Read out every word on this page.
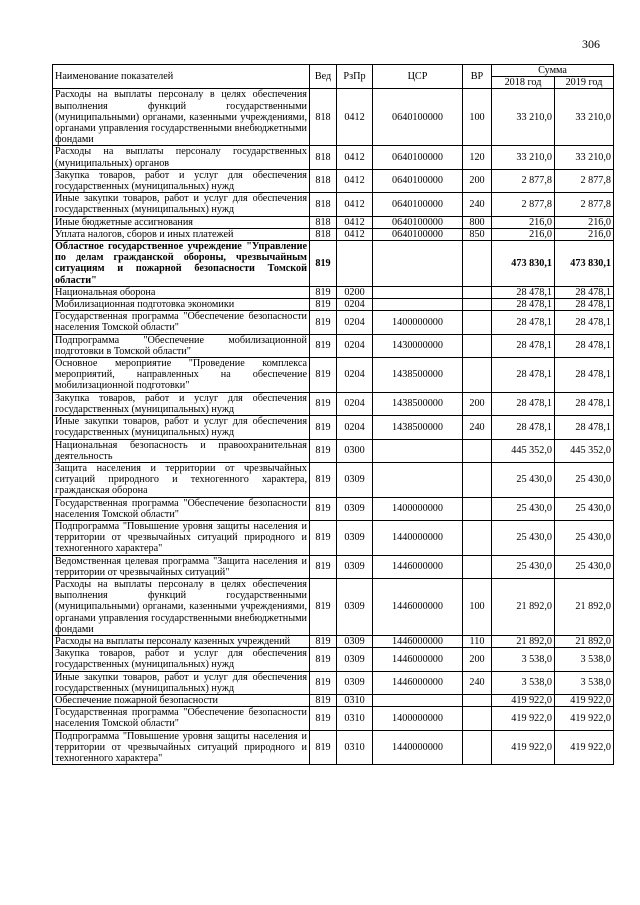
306
Наименование показателей	Вед	РзПр	ЦСР	ВР	Сумма	
					2018 год	2019 год
Расходы на выплаты персоналу в целях обеспечения выполнения функций государственными (муниципальными) органами, казенными учреждениями, органами управления государственными внебюджетными фондами	818	0412	0640100000	100	33 210,0	33 210,0
Расходы на выплаты персоналу государственных (муниципальных) органов	818	0412	0640100000	120	33 210,0	33 210,0
Закупка товаров, работ и услуг для обеспечения государственных (муниципальных) нужд	818	0412	0640100000	200	2 877,8	2 877,8
Иные закупки товаров, работ и услуг для обеспечения государственных (муниципальных) нужд	818	0412	0640100000	240	2 877,8	2 877,8
Иные бюджетные ассигнования	818	0412	0640100000	800	216,0	216,0
Уплата налогов, сборов и иных платежей	818	0412	0640100000	850	216,0	216,0
Областное государственное учреждение "Управление по делам гражданской обороны, чрезвычайным ситуациям и пожарной безопасности Томской области"	819				473 830,1	473 830,1
Национальная оборона	819	0200			28 478,1	28 478,1
Мобилизационная подготовка экономики	819	0204			28 478,1	28 478,1
Государственная программа "Обеспечение безопасности населения Томской области"	819	0204	1400000000		28 478,1	28 478,1
Подпрограмма "Обеспечение мобилизационной подготовки в Томской области"	819	0204	1430000000		28 478,1	28 478,1
Основное мероприятие "Проведение комплекса мероприятий, направленных на обеспечение мобилизационной подготовки"	819	0204	1438500000		28 478,1	28 478,1
Закупка товаров, работ и услуг для обеспечения государственных (муниципальных) нужд	819	0204	1438500000	200	28 478,1	28 478,1
Иные закупки товаров, работ и услуг для обеспечения государственных (муниципальных) нужд	819	0204	1438500000	240	28 478,1	28 478,1
Национальная безопасность и правоохранительная деятельность	819	0300			445 352,0	445 352,0
Защита населения и территории от чрезвычайных ситуаций природного и техногенного характера, гражданская оборона	819	0309			25 430,0	25 430,0
Государственная программа "Обеспечение безопасности населения Томской области"	819	0309	1400000000		25 430,0	25 430,0
Подпрограмма "Повышение уровня защиты населения и территории от чрезвычайных ситуаций природного и техногенного характера"	819	0309	1440000000		25 430,0	25 430,0
Ведомственная целевая программа "Защита населения и территории от чрезвычайных ситуаций"	819	0309	1446000000		25 430,0	25 430,0
Расходы на выплаты персоналу в целях обеспечения выполнения функций государственными (муниципальными) органами, казенными учреждениями, органами управления государственными внебюджетными фондами	819	0309	1446000000	100	21 892,0	21 892,0
Расходы на выплаты персоналу казенных учреждений	819	0309	1446000000	110	21 892,0	21 892,0
Закупка товаров, работ и услуг для обеспечения государственных (муниципальных) нужд	819	0309	1446000000	200	3 538,0	3 538,0
Иные закупки товаров, работ и услуг для обеспечения государственных (муниципальных) нужд	819	0309	1446000000	240	3 538,0	3 538,0
Обеспечение пожарной безопасности	819	0310			419 922,0	419 922,0
Государственная программа "Обеспечение безопасности населения Томской области"	819	0310	1400000000		419 922,0	419 922,0
Подпрограмма "Повышение уровня защиты населения и территории от чрезвычайных ситуаций природного и техногенного характера"	819	0310	1440000000		419 922,0	419 922,0
